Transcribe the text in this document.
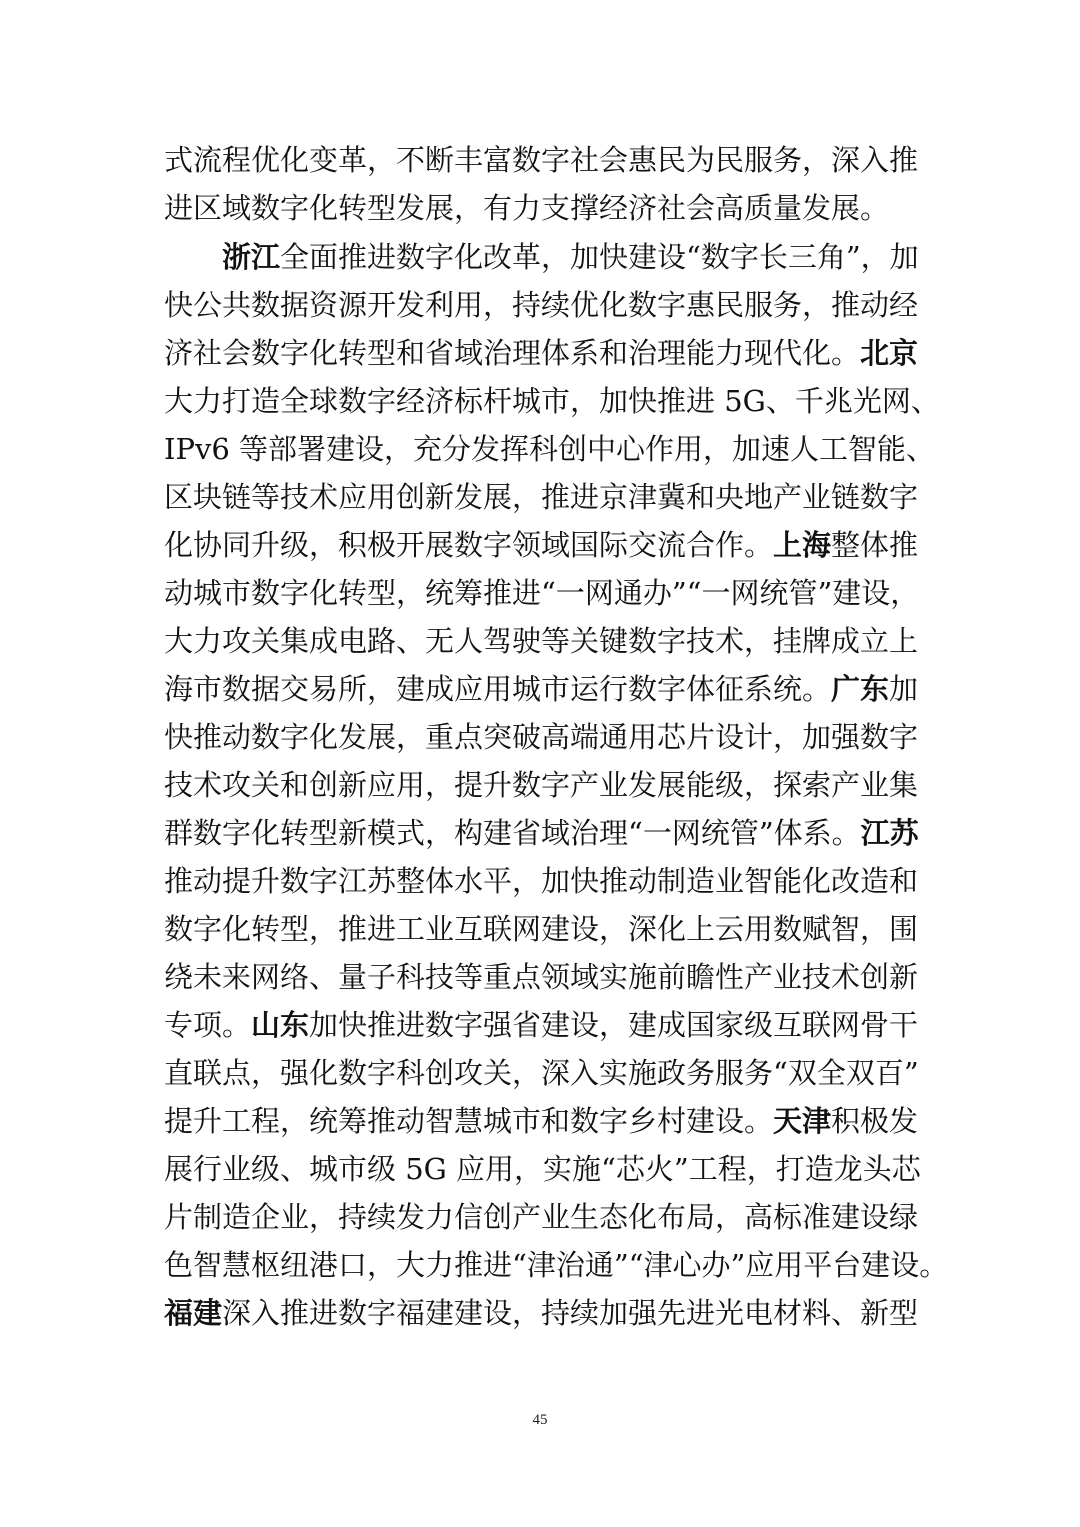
式流程优化变革，不断丰富数字社会惠民为民服务，深入推
进区域数字化转型发展，有力支撑经济社会高质量发展。
浙江全面推进数字化改革，加快建设“数字长三角”，加
快公共数据资源开发利用，持续优化数字惠民服务，推动经
济社会数字化转型和省域治理体系和治理能力现代化。北京
大力打造全球数字经济标杆城市，加快推进 5G、千兆光网、
IPv6 等部署建设，充分发挥科创中心作用，加速人工智能、
区块链等技术应用创新发展，推进京津冀和央地产业链数字
化协同升级，积极开展数字领域国际交流合作。上海整体推
动城市数字化转型，统筹推进“一网通办”“一网统管”建设，
大力攻关集成电路、无人驾驶等关键数字技术，挂牌成立上
海市数据交易所，建成应用城市运行数字体征系统。广东加
快推动数字化发展，重点突破高端通用芯片设计，加强数字
技术攻关和创新应用，提升数字产业发展能级，探索产业集
群数字化转型新模式，构建省域治理“一网统管”体系。江苏
推动提升数字江苏整体水平，加快推动制造业智能化改造和
数字化转型，推进工业互联网建设，深化上云用数赋智，围
绕未来网络、量子科技等重点领域实施前瞻性产业技术创新
专项。山东加快推进数字强省建设，建成国家级互联网骨干
直联点，强化数字科创攻关，深入实施政务服务“双全双百”
提升工程，统筹推动智慧城市和数字乡村建设。天津积极发
展行业级、城市级 5G 应用，实施“芯火”工程，打造龙头芯
片制造企业，持续发力信创产业生态化布局，高标准建设绿
色智慧枢纽港口，大力推进“津治通”“津心办”应用平台建设。
福建深入推进数字福建建设，持续加强先进光电材料、新型
45
